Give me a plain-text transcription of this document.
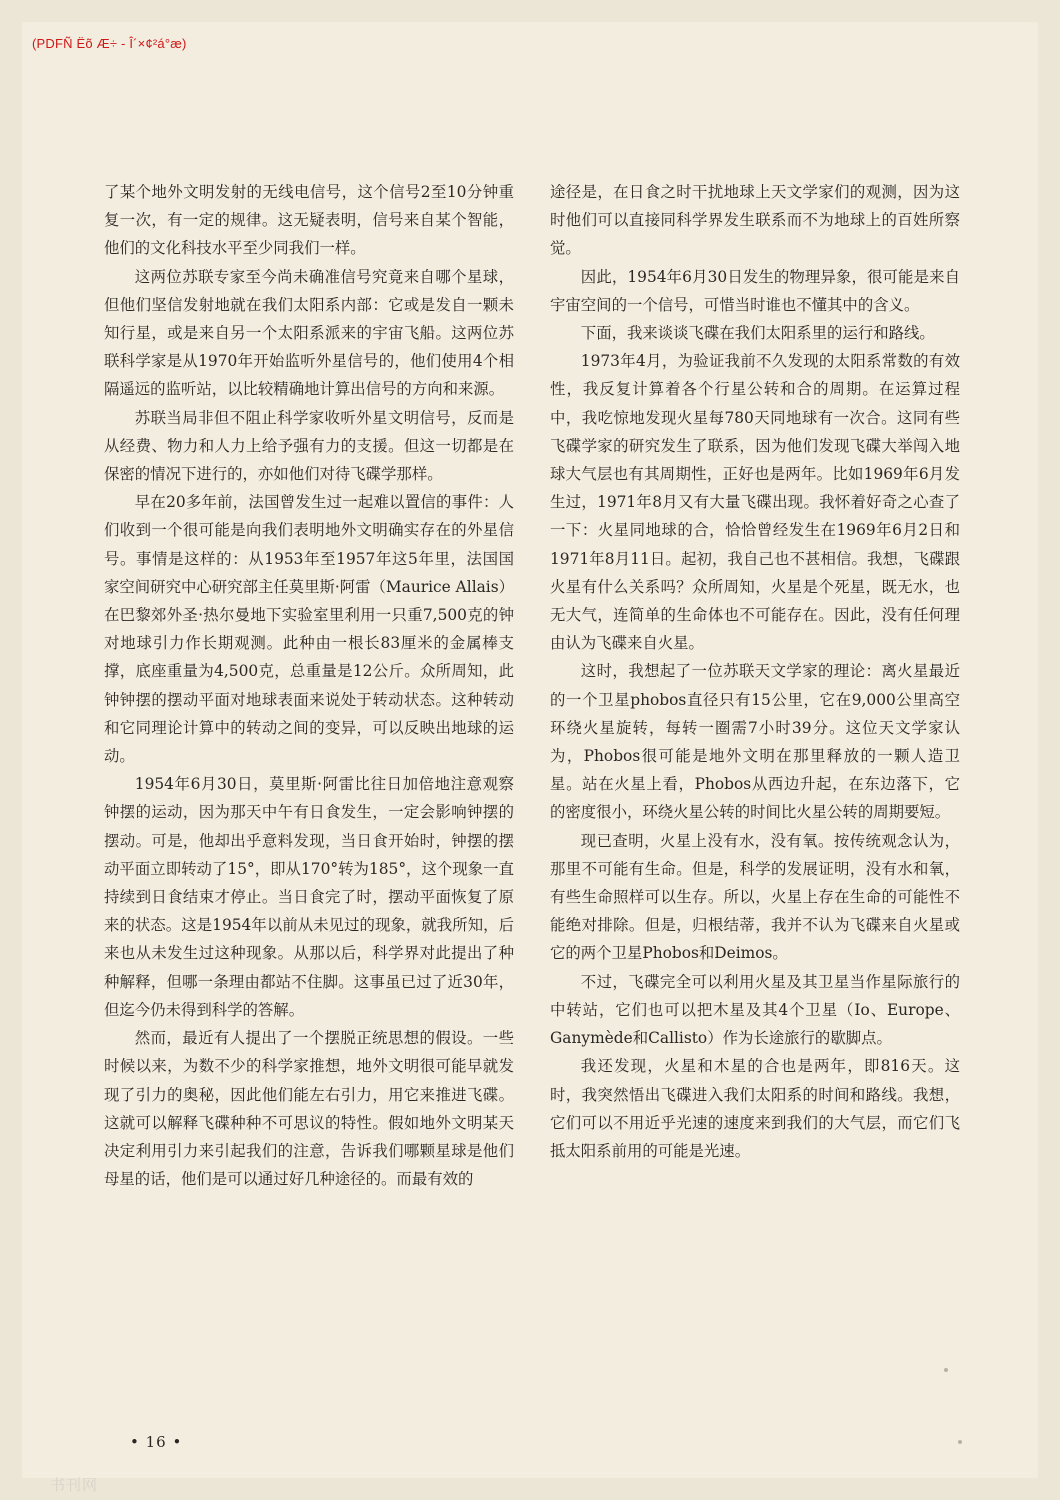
(PDFÑ Ëõ Æ÷ - Î´×¢²á°æ)

了某个地外文明发射的无线电信号，这个信号2至10分钟重复一次，有一定的规律。这无疑表明，信号来自某个智能，他们的文化科技水平至少同我们一样。

这两位苏联专家至今尚未确准信号究竟来自哪个星球，但他们坚信发射地就在我们太阳系内部：它或是发自一颗未知行星，或是来自另一个太阳系派来的宇宙飞船。这两位苏联科学家是从1970年开始监听外星信号的，他们使用4个相隔遥远的监听站，以比较精确地计算出信号的方向和来源。

苏联当局非但不阻止科学家收听外星文明信号，反而是从经费、物力和人力上给予强有力的支援。但这一切都是在保密的情况下进行的，亦如他们对待飞碟学那样。

早在20多年前，法国曾发生过一起难以置信的事件：人们收到一个很可能是向我们表明地外文明确实存在的外星信号。事情是这样的：从1953年至1957年这5年里，法国国家空间研究中心研究部主任莫里斯·阿雷（Maurice Allais）在巴黎郊外圣·热尔曼地下实验室里利用一只重7,500克的钟对地球引力作长期观测。此种由一根长83厘米的金属棒支撑，底座重量为4,500克，总重量是12公斤。众所周知，此钟钟摆的摆动平面对地球表面来说处于转动状态。这种转动和它同理论计算中的转动之间的变异，可以反映出地球的运动。

1954年6月30日，莫里斯·阿雷比往日加倍地注意观察钟摆的运动，因为那天中午有日食发生，一定会影响钟摆的摆动。可是，他却出乎意料发现，当日食开始时，钟摆的摆动平面立即转动了15°，即从170°转为185°，这个现象一直持续到日食结束才停止。当日食完了时，摆动平面恢复了原来的状态。这是1954年以前从未见过的现象，就我所知，后来也从未发生过这种现象。从那以后，科学界对此提出了种种解释，但哪一条理由都站不住脚。这事虽已过了近30年，但迄今仍未得到科学的答解。

然而，最近有人提出了一个摆脱正统思想的假设。一些时候以来，为数不少的科学家推想，地外文明很可能早就发现了引力的奥秘，因此他们能左右引力，用它来推进飞碟。这就可以解释飞碟种种不可思议的特性。假如地外文明某天决定利用引力来引起我们的注意，告诉我们哪颗星球是他们母星的话，他们是可以通过好几种途径的。而最有效的

途径是，在日食之时干扰地球上天文学家们的观测，因为这时他们可以直接同科学界发生联系而不为地球上的百姓所察觉。

因此，1954年6月30日发生的物理异象，很可能是来自宇宙空间的一个信号，可惜当时谁也不懂其中的含义。

下面，我来谈谈飞碟在我们太阳系里的运行和路线。

1973年4月，为验证我前不久发现的太阳系常数的有效性，我反复计算着各个行星公转和合的周期。在运算过程中，我吃惊地发现火星每780天同地球有一次合。这同有些飞碟学家的研究发生了联系，因为他们发现飞碟大举闯入地球大气层也有其周期性，正好也是两年。比如1969年6月发生过，1971年8月又有大量飞碟出现。我怀着好奇之心查了一下：火星同地球的合，恰恰曾经发生在1969年6月2日和1971年8月11日。起初，我自己也不甚相信。我想，飞碟跟火星有什么关系吗？众所周知，火星是个死星，既无水，也无大气，连简单的生命体也不可能存在。因此，没有任何理由认为飞碟来自火星。

这时，我想起了一位苏联天文学家的理论：离火星最近的一个卫星phobos直径只有15公里，它在9,000公里高空环绕火星旋转，每转一圈需7小时39分。这位天文学家认为，Phobos很可能是地外文明在那里释放的一颗人造卫星。站在火星上看，Phobos从西边升起，在东边落下，它的密度很小，环绕火星公转的时间比火星公转的周期要短。

现已查明，火星上没有水，没有氧。按传统观念认为，那里不可能有生命。但是，科学的发展证明，没有水和氧，有些生命照样可以生存。所以，火星上存在生命的可能性不能绝对排除。但是，归根结蒂，我并不认为飞碟来自火星或它的两个卫星Phobos和Deimos。

不过，飞碟完全可以利用火星及其卫星当作星际旅行的中转站，它们也可以把木星及其4个卫星（Io、Europe、Ganymède和Callisto）作为长途旅行的歇脚点。

我还发现，火星和木星的合也是两年，即816天。这时，我突然悟出飞碟进入我们太阳系的时间和路线。我想，它们可以不用近乎光速的速度来到我们的大气层，而它们飞抵太阳系前用的可能是光速。

• 16 •

书刊网
